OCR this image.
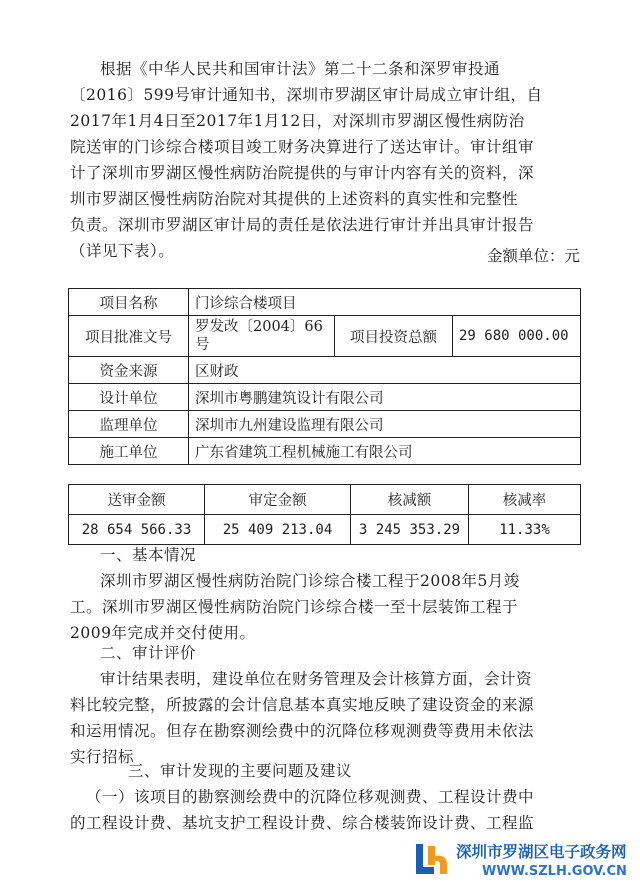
根据《中华人民共和国审计法》第二十二条和深罗审投通

〔2016〕599号审计通知书，深圳市罗湖区审计局成立审计组，自

2017年1月4日至2017年1月12日，对深圳市罗湖区慢性病防治

院送审的门诊综合楼项目竣工财务决算进行了送达审计。审计组审

计了深圳市罗湖区慢性病防治院提供的与审计内容有关的资料，深

圳市罗湖区慢性病防治院对其提供的上述资料的真实性和完整性

负责。深圳市罗湖区审计局的责任是依法进行审计并出具审计报告

（详见下表）。	金额单位：元
项目名称	门诊综合楼项目		
项目批准文号	罗发改〔2004〕66号	项目投资总额	29 680 000.00
资金来源	区财政		
设计单位	深圳市粤鹏建筑设计有限公司		
监理单位	深圳市九州建设监理有限公司		
施工单位	广东省建筑工程机械施工有限公司		
送审金额	审定金额	核减额	核减率
28 654 566.33	25 409 213.04	3 245 353.29	11.33%
一、基本情况

深圳市罗湖区慢性病防治院门诊综合楼工程于2008年5月竣

工。深圳市罗湖区慢性病防治院门诊综合楼一至十层装饰工程于

2009年完成并交付使用。

二、审计评价

审计结果表明，建设单位在财务管理及会计核算方面，会计资

料比较完整，所披露的会计信息基本真实地反映了建设资金的来源

和运用情况。但存在勘察测绘费中的沉降位移观测费等费用未依法

实行招标

三、审计发现的主要问题及建议

（一）该项目的勘察测绘费中的沉降位移观测费、工程设计费中

的工程设计费、基坑支护工程设计费、综合楼装饰设计费、工程监

深圳市罗湖区电子政务网
WWW.SZLH.GOV.CN
